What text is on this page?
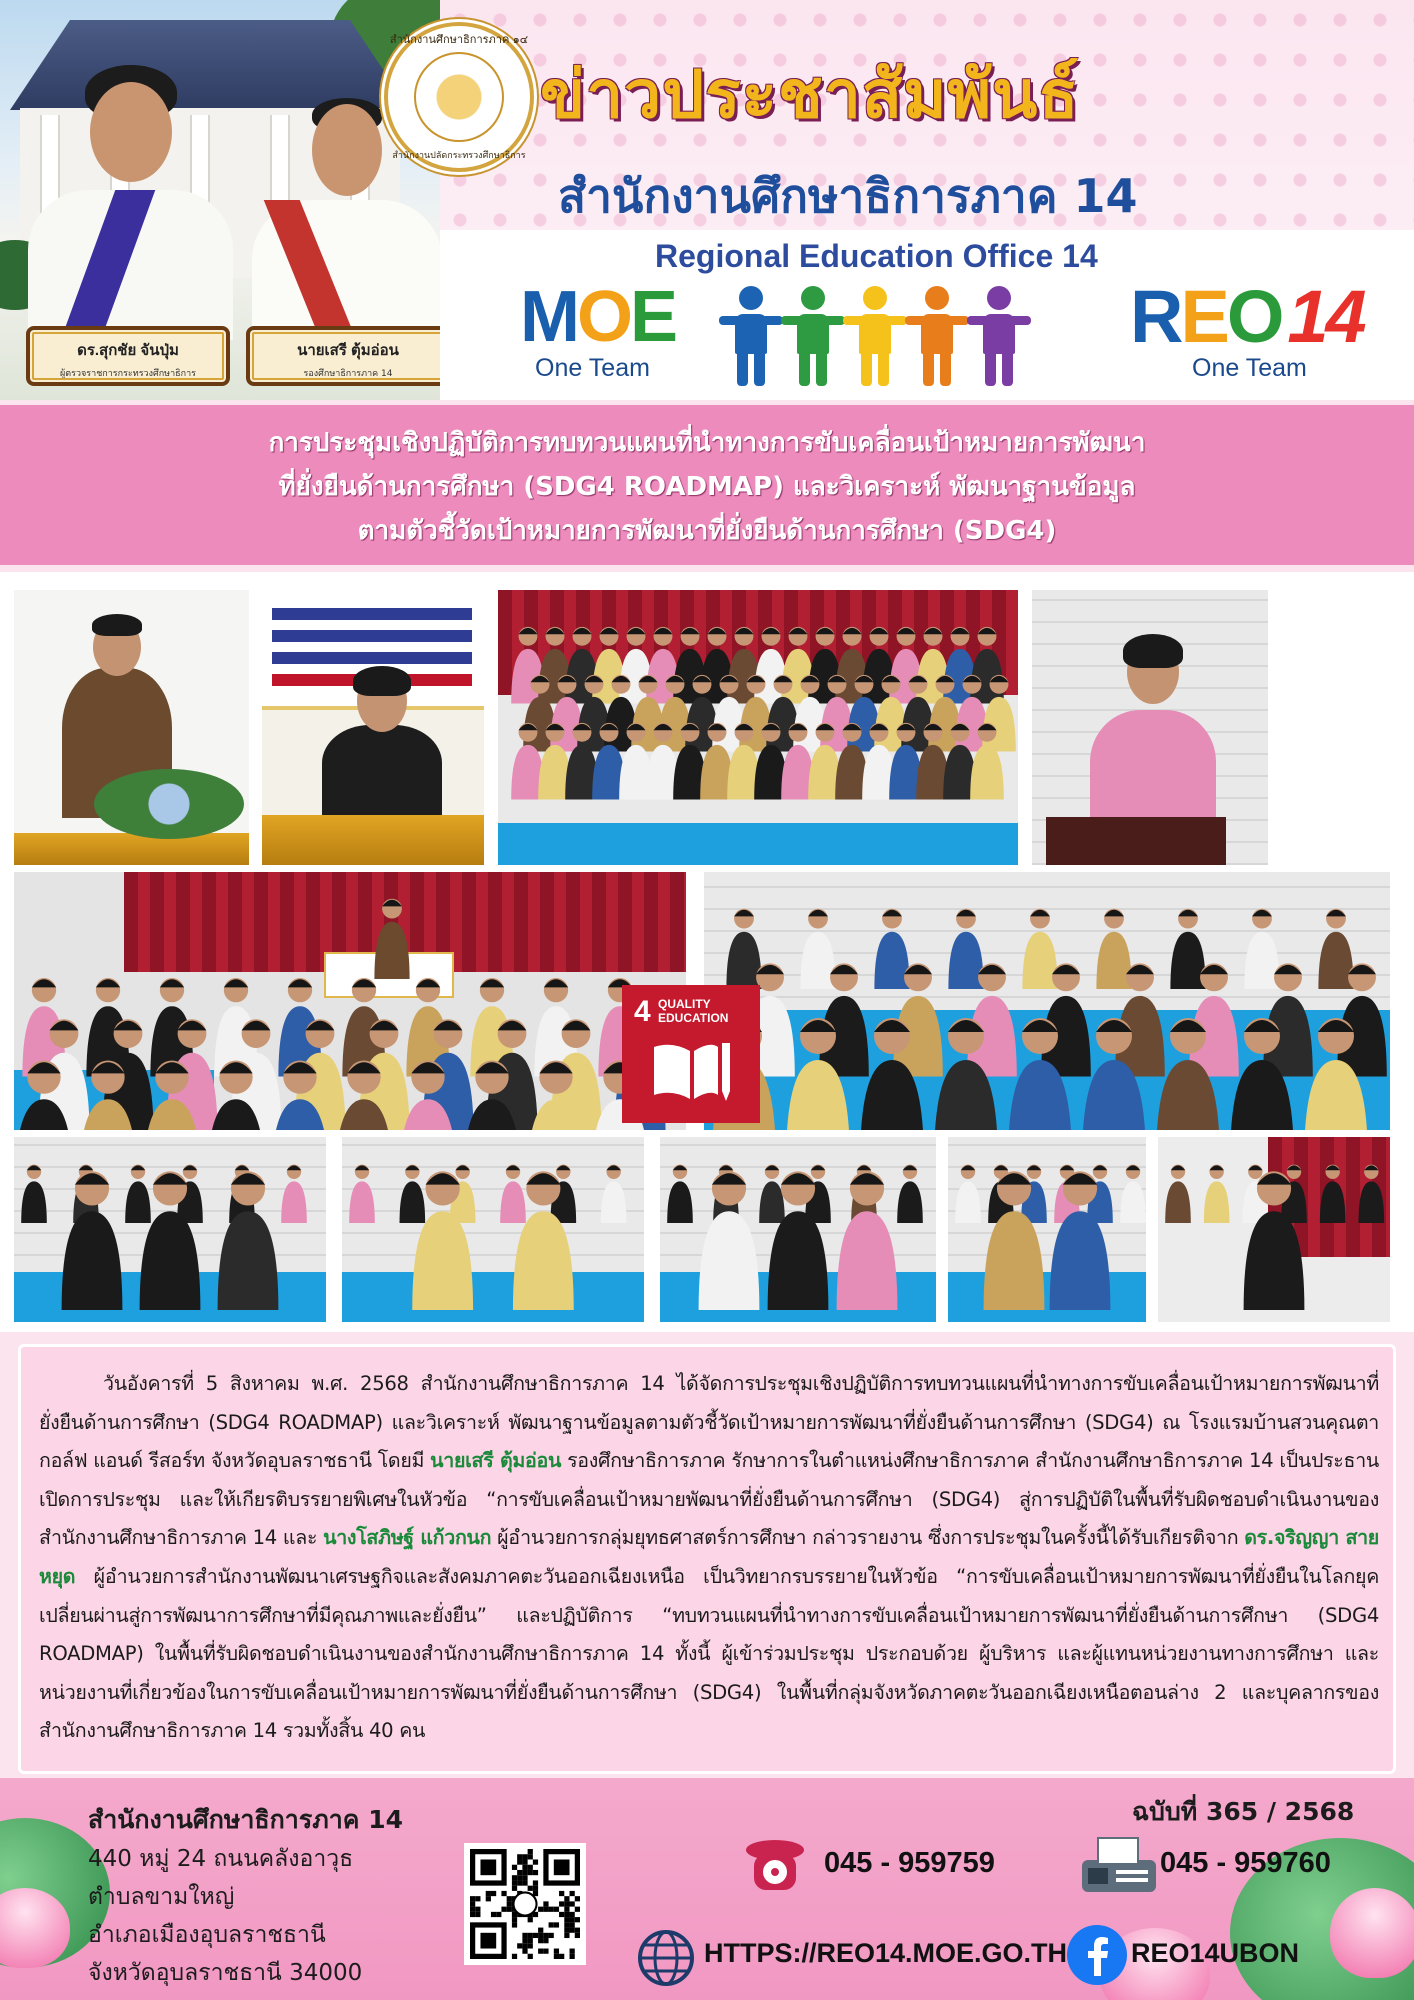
ดร.สุกชัย จันปุ่ม
ผู้ตรวจราชการกระทรวงศึกษาธิการ
นายเสรี ตุ้มอ่อน
รองศึกษาธิการภาค 14
สำนักงานศึกษาธิการภาค ๑๔
สำนักงานปลัดกระทรวงศึกษาธิการ
ข่าวประชาสัมพันธ์
สำนักงานศึกษาธิการภาค 14
Regional Education Office 14
MOE
One Team
REO14
One Team
การประชุมเชิงปฏิบัติการทบทวนแผนที่นำทางการขับเคลื่อนเป้าหมายการพัฒนา
ที่ยั่งยืนด้านการศึกษา (SDG4 ROADMAP) และวิเคราะห์ พัฒนาฐานข้อมูล
ตามตัวชี้วัดเป้าหมายการพัฒนาที่ยั่งยืนด้านการศึกษา (SDG4)
4 QUALITY
EDUCATION

วันอังคารที่ 5 สิงหาคม พ.ศ. 2568 สำนักงานศึกษาธิการภาค 14 ได้จัดการประชุมเชิงปฏิบัติการทบทวนแผนที่นำทางการขับเคลื่อนเป้าหมายการพัฒนาที่ยั่งยืนด้านการศึกษา (SDG4 ROADMAP) และวิเคราะห์ พัฒนาฐานข้อมูลตามตัวชี้วัดเป้าหมายการพัฒนาที่ยั่งยืนด้านการศึกษา (SDG4) ณ โรงแรมบ้านสวนคุณตา กอล์ฟ แอนด์ รีสอร์ท จังหวัดอุบลราชธานี โดยมี นายเสรี ตุ้มอ่อน รองศึกษาธิการภาค รักษาการในตำแหน่งศึกษาธิการภาค สำนักงานศึกษาธิการภาค 14 เป็นประธานเปิดการประชุม และให้เกียรติบรรยายพิเศษในหัวข้อ “การขับเคลื่อนเป้าหมายพัฒนาที่ยั่งยืนด้านการศึกษา (SDG4) สู่การปฏิบัติในพื้นที่รับผิดชอบดำเนินงานของสำนักงานศึกษาธิการภาค 14 และ นางโสภิษฐ์ แก้วกนก ผู้อำนวยการกลุ่มยุทธศาสตร์การศึกษา กล่าวรายงาน ซึ่งการประชุมในครั้งนี้ได้รับเกียรติจาก ดร.จริญญา สายหยุด ผู้อำนวยการสำนักงานพัฒนาเศรษฐกิจและสังคมภาคตะวันออกเฉียงเหนือ เป็นวิทยากรบรรยายในหัวข้อ “การขับเคลื่อนเป้าหมายการพัฒนาที่ยั่งยืนในโลกยุคเปลี่ยนผ่านสู่การพัฒนาการศึกษาที่มีคุณภาพและยั่งยืน” และปฏิบัติการ “ทบทวนแผนที่นำทางการขับเคลื่อนเป้าหมายการพัฒนาที่ยั่งยืนด้านการศึกษา (SDG4 ROADMAP) ในพื้นที่รับผิดชอบดำเนินงานของสำนักงานศึกษาธิการภาค 14 ทั้งนี้ ผู้เข้าร่วมประชุม ประกอบด้วย ผู้บริหาร และผู้แทนหน่วยงานทางการศึกษา และหน่วยงานที่เกี่ยวข้องในการขับเคลื่อนเป้าหมายการพัฒนาที่ยั่งยืนด้านการศึกษา (SDG4) ในพื้นที่กลุ่มจังหวัดภาคตะวันออกเฉียงเหนือตอนล่าง 2 และบุคลากรของสำนักงานศึกษาธิการภาค 14 รวมทั้งสิ้น 40 คน

สำนักงานศึกษาธิการภาค 14
440 หมู่ 24 ถนนคลังอาวุธ
ตำบลขามใหญ่
อำเภอเมืองอุบลราชธานี
จังหวัดอุบลราชธานี 34000
ฉบับที่ 365 / 2568
045 - 959759	045 - 959760
HTTPS://REO14.MOE.GO.TH REO14UBON
